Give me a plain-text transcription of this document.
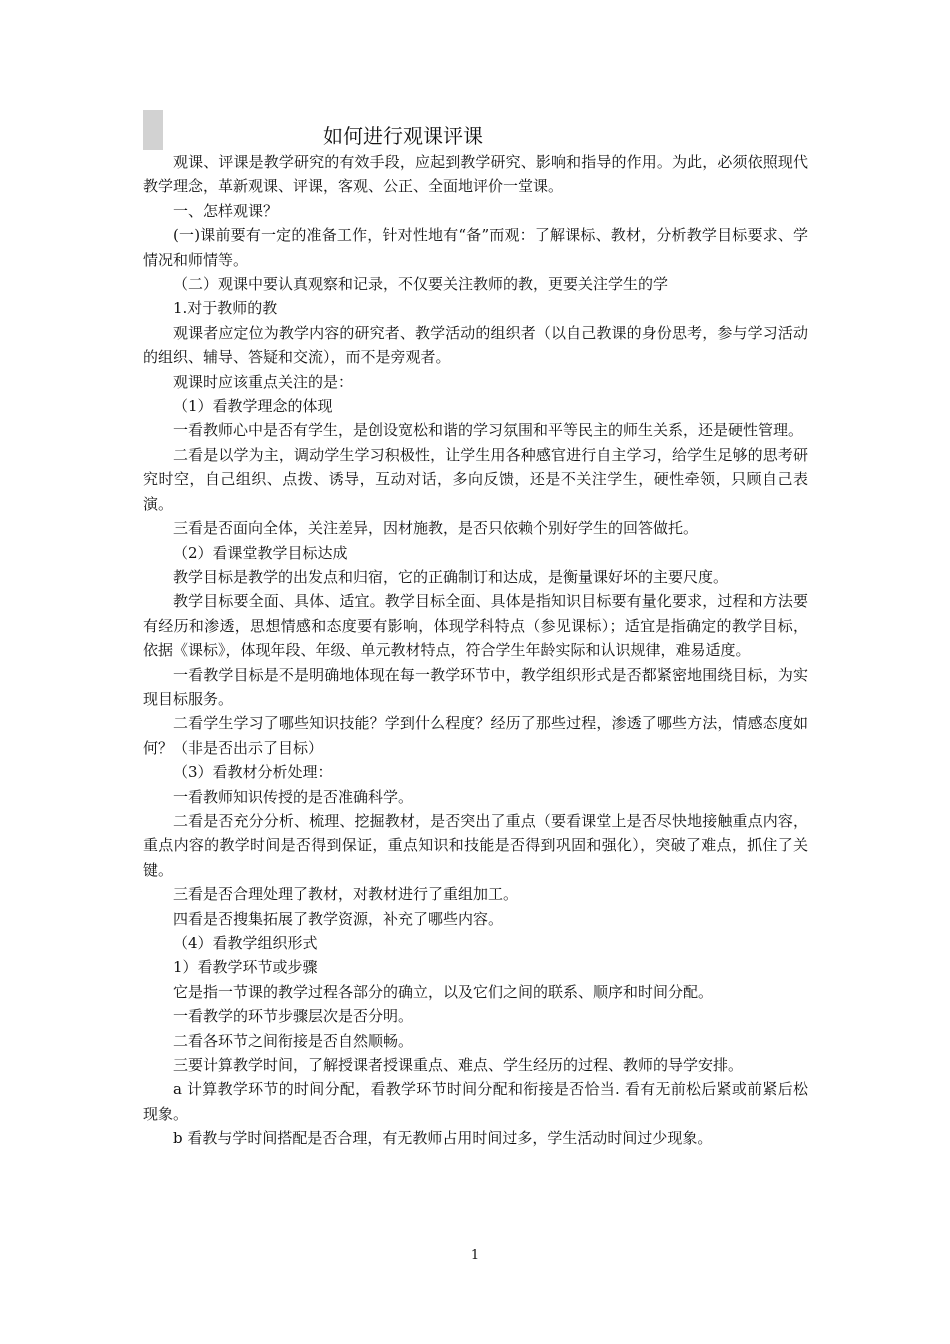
如何进行观课评课

观课、评课是教学研究的有效手段，应起到教学研究、影响和指导的作用。为此，必须依照现代教学理念，革新观课、评课，客观、公正、全面地评价一堂课。

一、怎样观课？

(一)课前要有一定的准备工作，针对性地有“备”而观：了解课标、教材，分析教学目标要求、学情况和师情等。

（二）观课中要认真观察和记录，不仅要关注教师的教，更要关注学生的学

1.对于教师的教

观课者应定位为教学内容的研究者、教学活动的组织者（以自己教课的身份思考，参与学习活动的组织、辅导、答疑和交流），而不是旁观者。

观课时应该重点关注的是：

（1）看教学理念的体现

一看教师心中是否有学生，是创设宽松和谐的学习氛围和平等民主的师生关系，还是硬性管理。

二看是以学为主，调动学生学习积极性，让学生用各种感官进行自主学习，给学生足够的思考研究时空，自己组织、点拨、诱导，互动对话，多向反馈，还是不关注学生，硬性牵领，只顾自己表演。

三看是否面向全体，关注差异，因材施教，是否只依赖个别好学生的回答做托。

（2）看课堂教学目标达成

教学目标是教学的出发点和归宿，它的正确制订和达成，是衡量课好坏的主要尺度。

教学目标要全面、具体、适宜。教学目标全面、具体是指知识目标要有量化要求，过程和方法要有经历和渗透，思想情感和态度要有影响，体现学科特点（参见课标）；适宜是指确定的教学目标，依据《课标》，体现年段、年级、单元教材特点，符合学生年龄实际和认识规律，难易适度。

一看教学目标是不是明确地体现在每一教学环节中，教学组织形式是否都紧密地围绕目标，为实现目标服务。

二看学生学习了哪些知识技能？学到什么程度？经历了那些过程，渗透了哪些方法，情感态度如何？（非是否出示了目标）

（3）看教材分析处理：

一看教师知识传授的是否准确科学。

二看是否充分分析、梳理、挖掘教材，是否突出了重点（要看课堂上是否尽快地接触重点内容，重点内容的教学时间是否得到保证，重点知识和技能是否得到巩固和强化），突破了难点，抓住了关键。

三看是否合理处理了教材，对教材进行了重组加工。

四看是否搜集拓展了教学资源，补充了哪些内容。

（4）看教学组织形式

1）看教学环节或步骤

它是指一节课的教学过程各部分的确立，以及它们之间的联系、顺序和时间分配。

一看教学的环节步骤层次是否分明。

二看各环节之间衔接是否自然顺畅。

三要计算教学时间，了解授课者授课重点、难点、学生经历的过程、教师的导学安排。

a 计算教学环节的时间分配，看教学环节时间分配和衔接是否恰当. 看有无前松后紧或前紧后松现象。

b 看教与学时间搭配是否合理，有无教师占用时间过多，学生活动时间过少现象。

1
